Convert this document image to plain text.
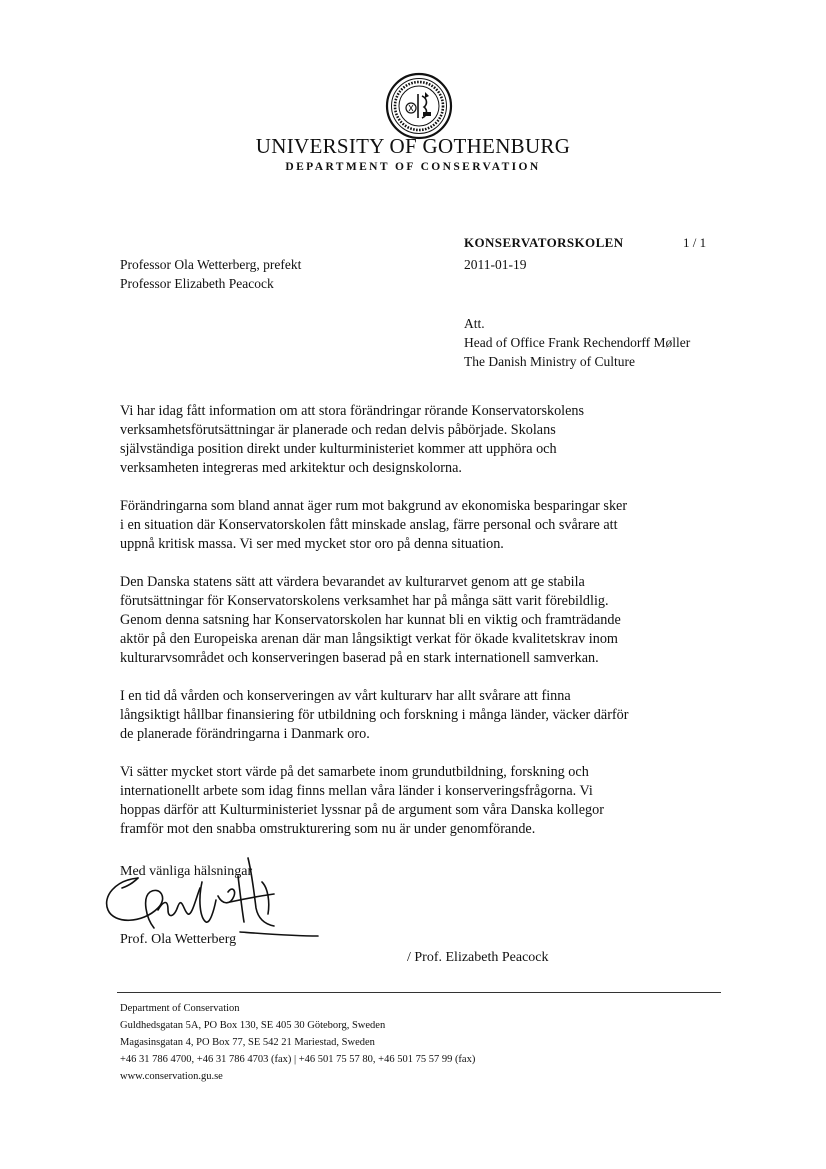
UNIVERSITY OF GOTHENBURG
DEPARTMENT OF CONSERVATION
KONSERVATORSKOLEN	1 / 1
2011-01-19
Professor Ola Wetterberg, prefekt
Professor Elizabeth Peacock
Att.
Head of Office Frank Rechendorff Møller
The Danish Ministry of Culture

Vi har idag fått information om att stora förändringar rörande Konservatorskolens
verksamhetsförutsättningar är planerade och redan delvis påbörjade. Skolans
självständiga position direkt under kulturministeriet kommer att upphöra och
verksamheten integreras med arkitektur och designskolorna.

Förändringarna som bland annat äger rum mot bakgrund av ekonomiska besparingar sker
i en situation där Konservatorskolen fått minskade anslag, färre personal och svårare att
uppnå kritisk massa. Vi ser med mycket stor oro på denna situation.

Den Danska statens sätt att värdera bevarandet av kulturarvet genom att ge stabila
förutsättningar för Konservatorskolens verksamhet har på många sätt varit förebildlig.
Genom denna satsning har Konservatorskolen har kunnat bli en viktig och framträdande
aktör på den Europeiska arenan där man långsiktigt verkat för ökade kvalitetskrav inom
kulturarvsområdet och konserveringen baserad på en stark internationell samverkan.

I en tid då vården och konserveringen av vårt kulturarv har allt svårare att finna
långsiktigt hållbar finansiering för utbildning och forskning i många länder, väcker därför
de planerade förändringarna i Danmark oro.

Vi sätter mycket stort värde på det samarbete inom grundutbildning, forskning och
internationellt arbete som idag finns mellan våra länder i konserveringsfrågorna. Vi
hoppas därför att Kulturministeriet lyssnar på de argument som våra Danska kollegor
framför mot den snabba omstrukturering som nu är under genomförande.

Med vänliga hälsningar
Prof. Ola Wetterberg
/ Prof. Elizabeth Peacock
Department of Conservation
Guldhedsgatan 5A, PO Box 130, SE 405 30 Göteborg, Sweden
Magasinsgatan 4, PO Box 77, SE 542 21 Mariestad, Sweden
+46 31 786 4700, +46 31 786 4703 (fax) | +46 501 75 57 80, +46 501 75 57 99 (fax)
www.conservation.gu.se
